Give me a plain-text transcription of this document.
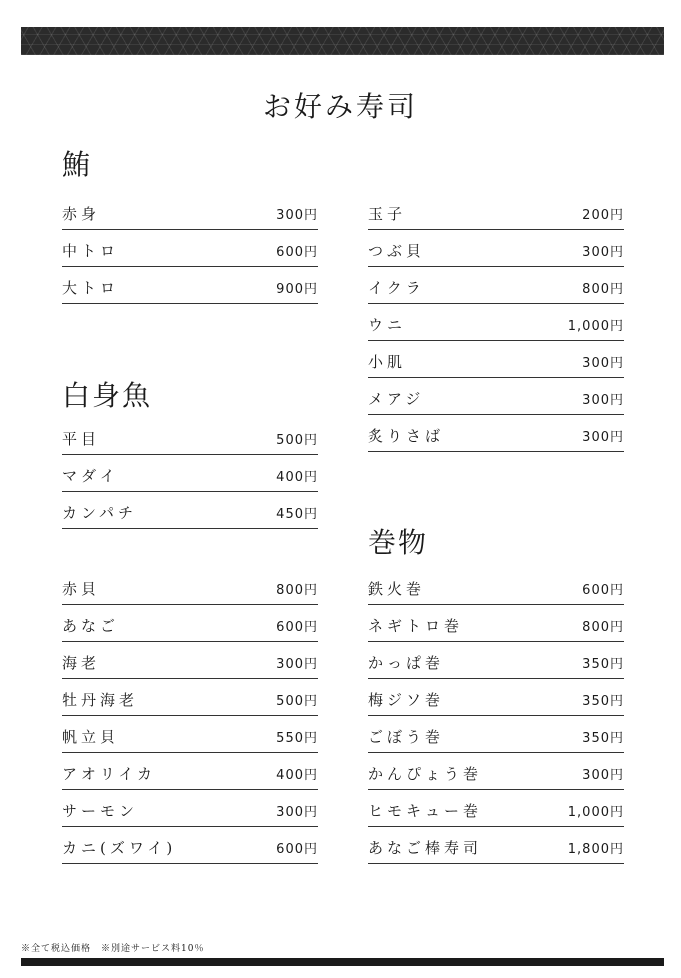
お好み寿司
鮪
赤身	300円
中トロ	600円
大トロ	900円
白身魚
平目	500円
マダイ	400円
カンパチ	450円
赤貝	800円
あなご	600円
海老	300円
牡丹海老	500円
帆立貝	550円
アオリイカ	400円
サーモン	300円
カニ(ズワイ)	600円
玉子	200円
つぶ貝	300円
イクラ	800円
ウニ	1,000円
小肌	300円
メアジ	300円
炙りさば	300円
巻物
鉄火巻	600円
ネギトロ巻	800円
かっぱ巻	350円
梅ジソ巻	350円
ごぼう巻	350円
かんぴょう巻	300円
ヒモキュー巻	1,000円
あなご棒寿司	1,800円
※全て税込価格　※別途サービス料10％
